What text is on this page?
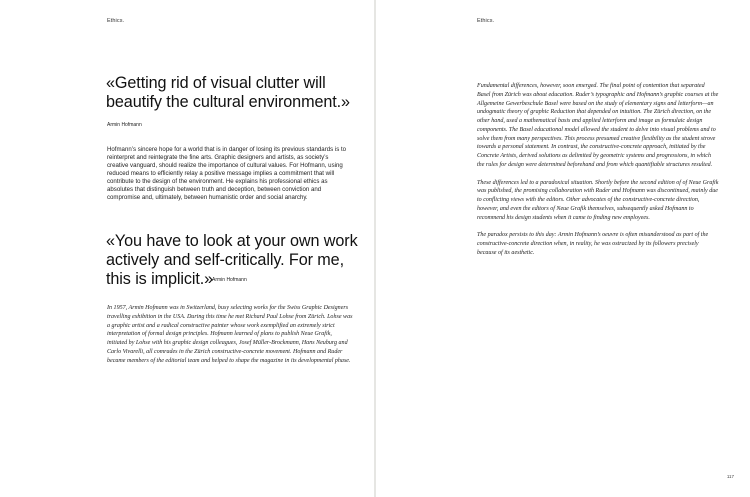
Ethics.
«Getting rid of visual clutter will beautify the cultural environment.»
Armin Hofmann

Hofmann’s sincere hope for a world that is in danger of losing its previous standards is to reinterpret and reintegrate the fine arts. Graphic designers and artists, as society’s creative vanguard, should realize the importance of cultural values. For Hofmann, using reduced means to efficiently relay a positive message implies a commitment that will contribute to the design of the environment. He explains his professional ethics as absolutes that distinguish between truth and deception, between conviction and compromise and, ultimately, between humanistic order and social anarchy.

«You have to look at your own work actively and self-critically. For me, this is implicit.»
Armin Hofmann

In 1957, Armin Hofmann was in Switzerland, busy selecting works for the Swiss Graphic Designers travelling exhibition in the USA. During this time he met Richard Paul Lohse from Zürich. Lohse was a graphic artist and a radical constructive painter whose work exemplified an extremely strict interpretation of formal design principles. Hofmann learned of plans to publish Neue Grafik, initiated by Lohse with his graphic design colleagues, Josef Müller-Brockmann, Hans Neuburg and Carlo Vivarelli, all comrades in the Zürich constructive-concrete movement. Hofmann and Ruder became members of the editorial team and helped to shape the magazine in its developmental phase.

Ethics.

Fundamental differences, however, soon emerged. The final point of contention that separated Basel from Zürich was about education. Ruder’s typographic and Hofmann’s graphic courses at the Allgemeine Gewerbeschule Basel were based on the study of elementary signs and letterform—an undogmatic theory of graphic Reduction that depended on intuition. The Zürich direction, on the other hand, used a mathematical basis and applied letterform and image as formulaic design components. The Basel educational model allowed the student to delve into visual problems and to solve them from many perspectives. This process presumed creative flexibility as the student strove towards a personal statement. In contrast, the constructive-concrete approach, initiated by the Concrete Artists, derived solutions as delimited by geometric systems and progressions, in which the rules for design were determined beforehand and from which quantifiable structures resulted.

These differences led to a paradoxical situation. Shortly before the second edition of of Neue Grafik was published, the promising collaboration with Ruder and Hofmann was discontinued, mainly due to conflicting views with the editors. Other advocates of the constructive-concrete direction, however, and even the editors of Neue Grafik themselves, subsequently asked Hofmann to recommend his design students when it came to finding new employees.

The paradox persists to this day: Armin Hofmann’s oeuvre is often misunderstood as part of the constructive-concrete direction when, in reality, he was ostracized by its followers precisely because of its aesthetic.

117
